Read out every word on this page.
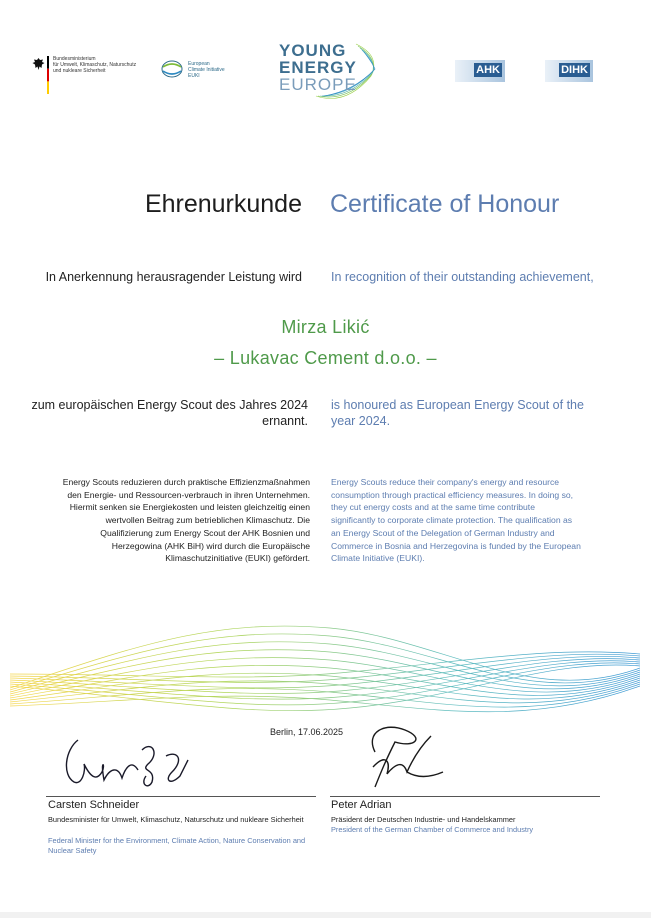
Bundesministerium
für Umwelt, Klimaschutz, Naturschutz
und nukleare Sicherheit
European
Climate Initiative
EUKI
YOUNG
ENERGY
EUROPE
AHK	DIHK
Ehrenurkunde Certificate of Honour
In Anerkennung herausragender Leistung wird In recognition of their outstanding achievement,
Mirza Likić
– Lukavac Cement d.o.o. –
zum europäischen Energy Scout des Jahres 2024 ernannt.
is honoured as European Energy Scout of the year 2024.
Energy Scouts reduzieren durch praktische Effizienzmaßnahmen den Energie- und Ressourcen-verbrauch in ihren Unternehmen. Hiermit senken sie Energiekosten und leisten gleichzeitig einen wertvollen Beitrag zum betrieblichen Klimaschutz. Die Qualifizierung zum Energy Scout der AHK Bosnien und Herzegowina (AHK BiH) wird durch die Europäische Klimaschutzinitiative (EUKI) gefördert.
Energy Scouts reduce their company's energy and resource consumption through practical efficiency measures. In doing so, they cut energy costs and at the same time contribute significantly to corporate climate protection. The qualification as an Energy Scout of the Delegation of German Industry and Commerce in Bosnia and Herzegovina is funded by the European Climate Initiative (EUKI).
Berlin, 17.06.2025
Carsten Schneider
Bundesminister für Umwelt, Klimaschutz, Naturschutz und nukleare Sicherheit
Federal Minister for the Environment, Climate Action, Nature Conservation and Nuclear Safety
Peter Adrian
Präsident der Deutschen Industrie- und Handelskammer
President of the German Chamber of Commerce and Industry
